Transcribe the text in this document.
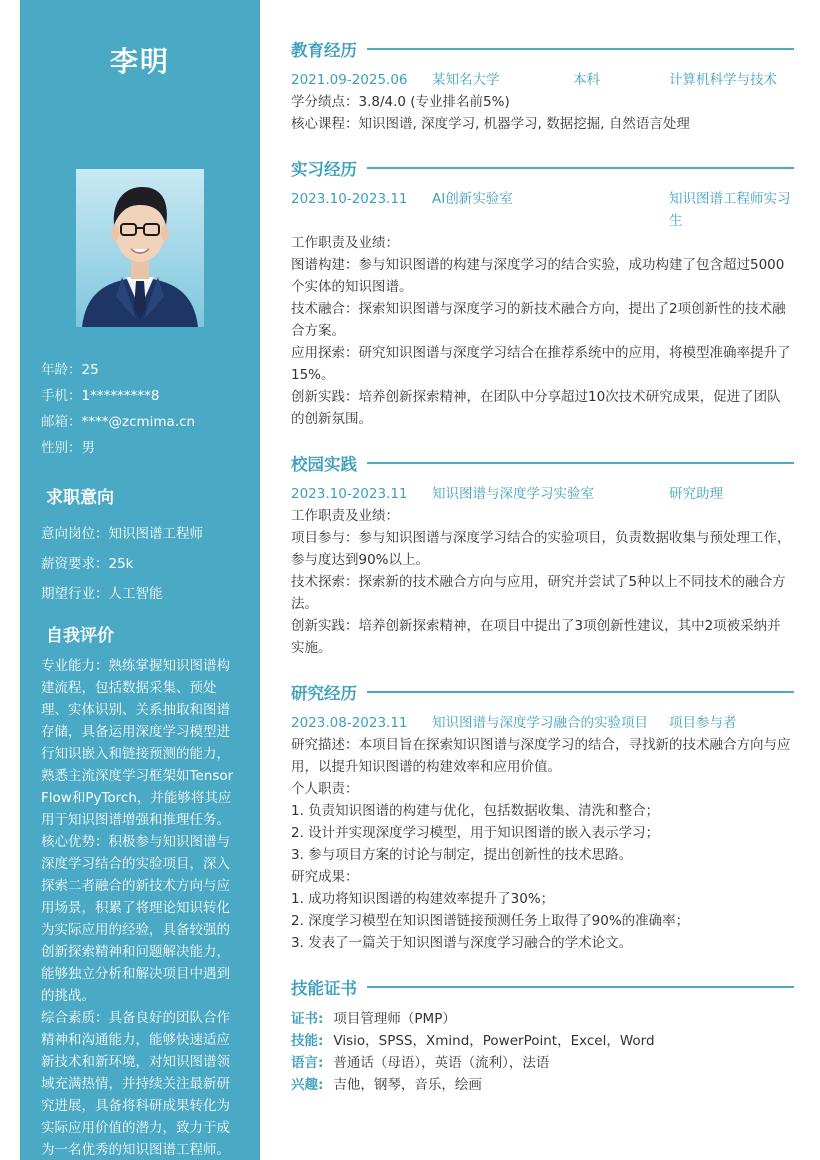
李明
年龄：25
手机：1*********8
邮箱：****@zcmima.cn
性别：男
求职意向
意向岗位：知识图谱工程师
薪资要求：25k
期望行业：人工智能
自我评价

专业能力：熟练掌握知识图谱构建流程，包括数据采集、预处理、实体识别、关系抽取和图谱存储，具备运用深度学习模型进行知识嵌入和链接预测的能力，熟悉主流深度学习框架如TensorFlow和PyTorch，并能够将其应用于知识图谱增强和推理任务。

核心优势：积极参与知识图谱与深度学习结合的实验项目，深入探索二者融合的新技术方向与应用场景，积累了将理论知识转化为实际应用的经验，具备较强的创新探索精神和问题解决能力，能够独立分析和解决项目中遇到的挑战。

综合素质：具备良好的团队合作精神和沟通能力，能够快速适应新技术和新环境，对知识图谱领域充满热情，并持续关注最新研究进展，具备将科研成果转化为实际应用价值的潜力，致力于成为一名优秀的知识图谱工程师。

教育经历
2021.09-2025.06	某知名大学	本科	计算机科学与技术

学分绩点：3.8/4.0 (专业排名前5%)

核心课程：知识图谱, 深度学习, 机器学习, 数据挖掘, 自然语言处理

实习经历
2023.10-2023.11	AI创新实验室	知识图谱工程师实习生

工作职责及业绩：

图谱构建：参与知识图谱的构建与深度学习的结合实验，成功构建了包含超过5000个实体的知识图谱。

技术融合：探索知识图谱与深度学习的新技术融合方向，提出了2项创新性的技术融合方案。

应用探索：研究知识图谱与深度学习结合在推荐系统中的应用，将模型准确率提升了15%。

创新实践：培养创新探索精神，在团队中分享超过10次技术研究成果，促进了团队的创新氛围。

校园实践
2023.10-2023.11	知识图谱与深度学习实验室	研究助理

工作职责及业绩：

项目参与：参与知识图谱与深度学习结合的实验项目，负责数据收集与预处理工作，参与度达到90%以上。

技术探索：探索新的技术融合方向与应用，研究并尝试了5种以上不同技术的融合方法。

创新实践：培养创新探索精神，在项目中提出了3项创新性建议，其中2项被采纳并实施。

研究经历
2023.08-2023.11	知识图谱与深度学习融合的实验项目	项目参与者

研究描述：本项目旨在探索知识图谱与深度学习的结合，寻找新的技术融合方向与应用，以提升知识图谱的构建效率和应用价值。

个人职责：

1. 负责知识图谱的构建与优化，包括数据收集、清洗和整合；

2. 设计并实现深度学习模型，用于知识图谱的嵌入表示学习；

3. 参与项目方案的讨论与制定，提出创新性的技术思路。

研究成果：

1. 成功将知识图谱的构建效率提升了30%；

2. 深度学习模型在知识图谱链接预测任务上取得了90%的准确率；

3. 发表了一篇关于知识图谱与深度学习融合的学术论文。

技能证书
证书: 项目管理师（PMP）
技能: Visio，SPSS，Xmind，PowerPoint，Excel，Word
语言: 普通话（母语），英语（流利），法语
兴趣: 吉他，钢琴，音乐，绘画
